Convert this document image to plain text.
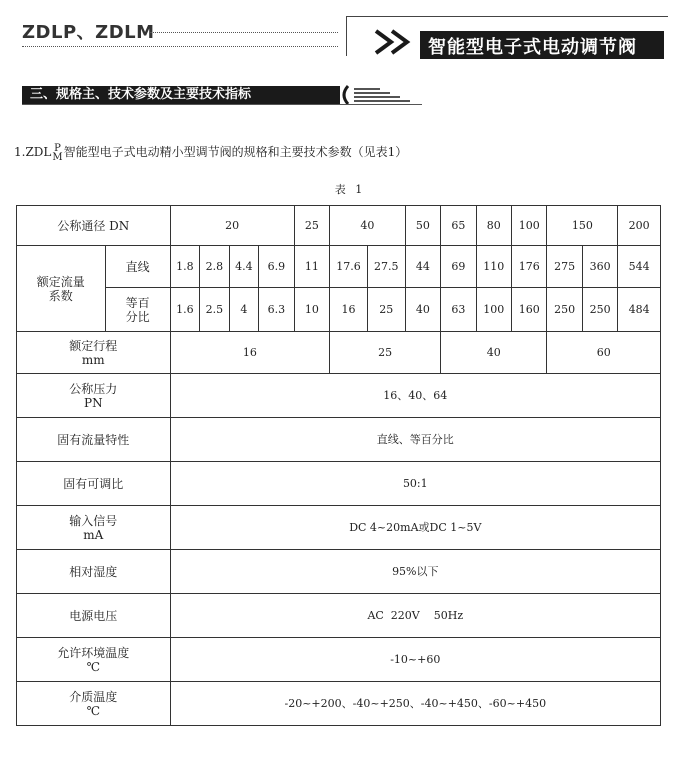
ZDLP、ZDLM
智能型电子式电动调节阀
三、规格主、技术参数及主要技术指标
1.ZDL P
M智能型电子式电动精小型调节阀的规格和主要技术参数（见表1）
表 1
公称通径 DN		20				25	40		50	65	80	100	150		200
额定流量
系数	直线	1.8	2.8	4.4	6.9	11	17.6	27.5	44	69	110	176	275	360	544
	等百
分比	1.6	2.5	4	6.3	10	16	25	40	63	100	160	250	250	484
额定行程
mm		16					25			40			60		
公称压力
PN		16、40、64													
固有流量特性		直线、等百分比													
固有可调比		50:1													
输入信号
mA		DC 4~20mA或DC 1~5V													
相对湿度		95%以下													
电源电压		AC  220V    50Hz													
允许环境温度
℃		-10~+60													
介质温度
℃		-20~+200、-40~+250、-40~+450、-60~+450													
